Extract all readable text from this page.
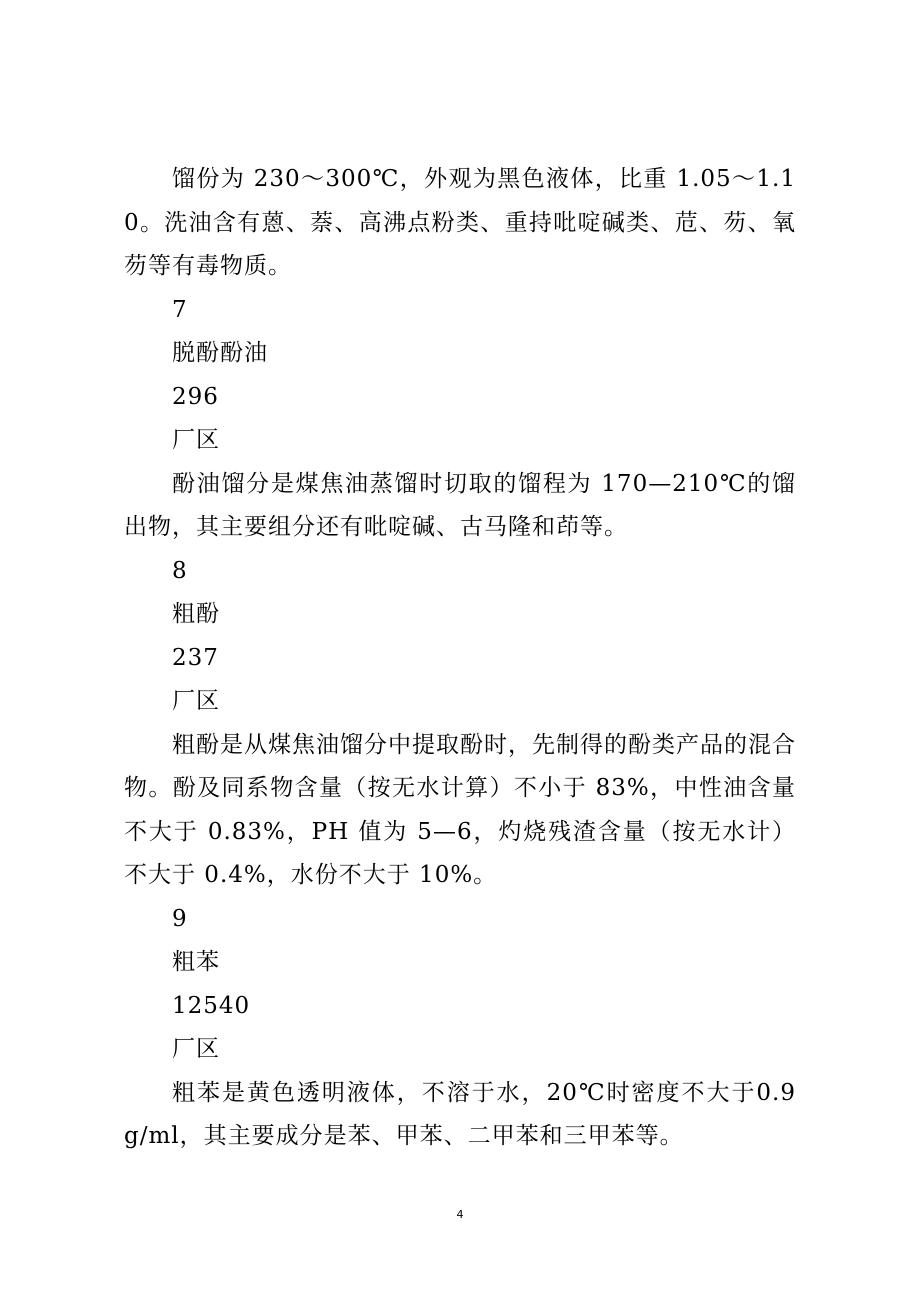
馏份为 230～300℃，外观为黑色液体，比重 1.05～1.10。洗油含有蒽、萘、高沸点粉类、重持吡啶碱类、苊、芴、氧芴等有毒物质。

7
脱酚酚油
296
厂区

酚油馏分是煤焦油蒸馏时切取的馏程为 170—210℃的馏出物，其主要组分还有吡啶碱、古马隆和茚等。

8
粗酚
237
厂区

粗酚是从煤焦油馏分中提取酚时，先制得的酚类产品的混合物。酚及同系物含量（按无水计算）不小于 83%，中性油含量不大于 0.83%，PH 值为 5—6，灼烧残渣含量（按无水计）不大于 0.4%，水份不大于 10%。

9
粗苯
12540
厂区

粗苯是黄色透明液体，不溶于水，20℃时密度不大于0.9g/ml，其主要成分是苯、甲苯、二甲苯和三甲苯等。

4
